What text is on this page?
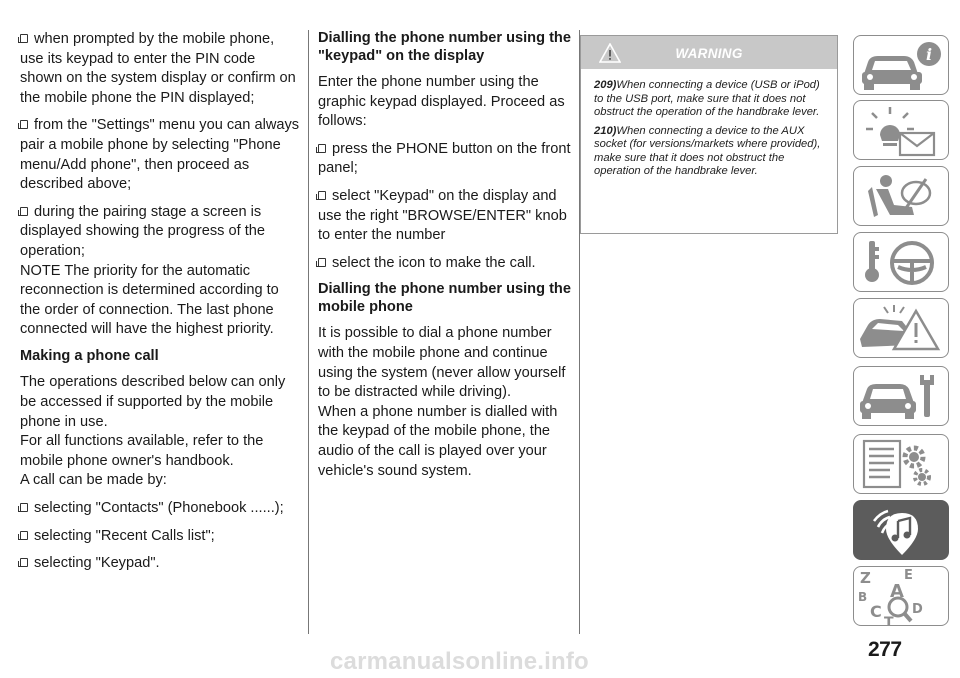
when prompted by the mobile phone, use its keypad to enter the PIN code shown on the system display or confirm on the mobile phone the PIN displayed;

from the "Settings" menu you can always pair a mobile phone by selecting "Phone menu/Add phone", then proceed as described above;

during the pairing stage a screen is displayed showing the progress of the operation;

NOTE The priority for the automatic reconnection is determined according to the order of connection. The last phone connected will have the highest priority.

Making a phone call

The operations described below can only be accessed if supported by the mobile phone in use.

For all functions available, refer to the mobile phone owner's handbook.

A call can be made by:

selecting "Contacts" (Phonebook ......);

selecting "Recent Calls list";

selecting "Keypad".

Dialling the phone number using the "keypad" on the display

Enter the phone number using the graphic keypad displayed. Proceed as follows:

press the PHONE button on the front panel;

select "Keypad" on the display and use the right "BROWSE/ENTER" knob to enter the number

select the icon to make the call.

Dialling the phone number using the mobile phone

It is possible to dial a phone number with the mobile phone and continue using the system (never allow yourself to be distracted while driving).

When a phone number is dialled with the keypad of the mobile phone, the audio of the call is played over your vehicle's sound system.

WARNING

209)When connecting a device (USB or iPod) to the USB port, make sure that it does not obstruct the operation of the handbrake lever.

210)When connecting a device to the AUX socket (for versions/markets where provided), make sure that it does not obstruct the operation of the handbrake lever.

i
Z	E
A
B
C D
T
277
carmanualsonline.info
